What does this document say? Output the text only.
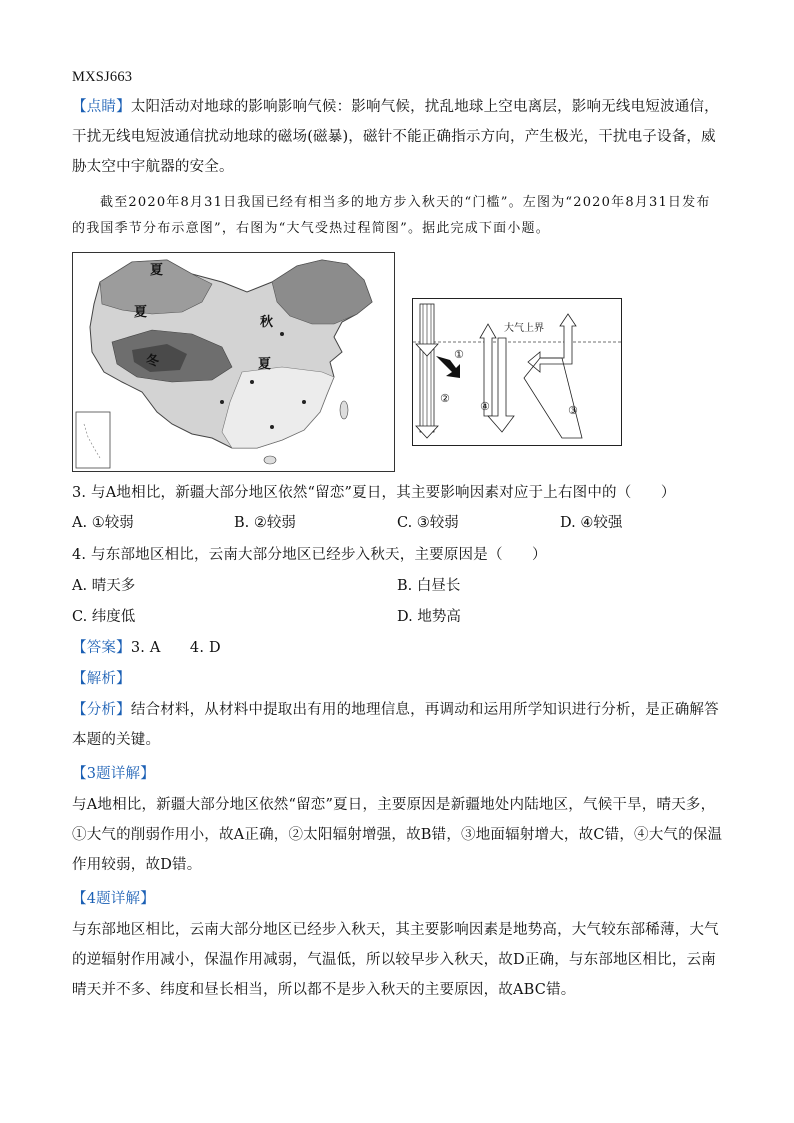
MXSJ663
【点睛】太阳活动对地球的影响影响气候：影响气候，扰乱地球上空电离层，影响无线电短波通信，干扰无线电短波通信扰动地球的磁场(磁暴)，磁针不能正确指示方向，产生极光，干扰电子设备，威胁太空中宇航器的安全。
截至2020年8月31日我国已经有相当多的地方步入秋天的“门槛”。左图为“2020年8月31日发布的我国季节分布示意图”，右图为“大气受热过程简图”。据此完成下面小题。
夏
夏
秋
冬	夏
大气上界
①
②
④	③
3. 与A地相比，新疆大部分地区依然“留恋”夏日，其主要影响因素对应于上右图中的（　　）
A. ①较弱	B. ②较弱	C. ③较弱	D. ④较强
4. 与东部地区相比，云南大部分地区已经步入秋天，主要原因是（　　）
A. 晴天多	B. 白昼长
C. 纬度低	D. 地势高
【答案】3. A　　4. D
【解析】
【分析】结合材料，从材料中提取出有用的地理信息，再调动和运用所学知识进行分析，是正确解答本题的关键。
【3题详解】
与A地相比，新疆大部分地区依然“留恋”夏日，主要原因是新疆地处内陆地区，气候干旱，晴天多，①大气的削弱作用小，故A正确，②太阳辐射增强，故B错，③地面辐射增大，故C错，④大气的保温作用较弱，故D错。
【4题详解】
与东部地区相比，云南大部分地区已经步入秋天，其主要影响因素是地势高，大气较东部稀薄，大气的逆辐射作用减小，保温作用减弱，气温低，所以较早步入秋天，故D正确，与东部地区相比，云南晴天并不多、纬度和昼长相当，所以都不是步入秋天的主要原因，故ABC错。
